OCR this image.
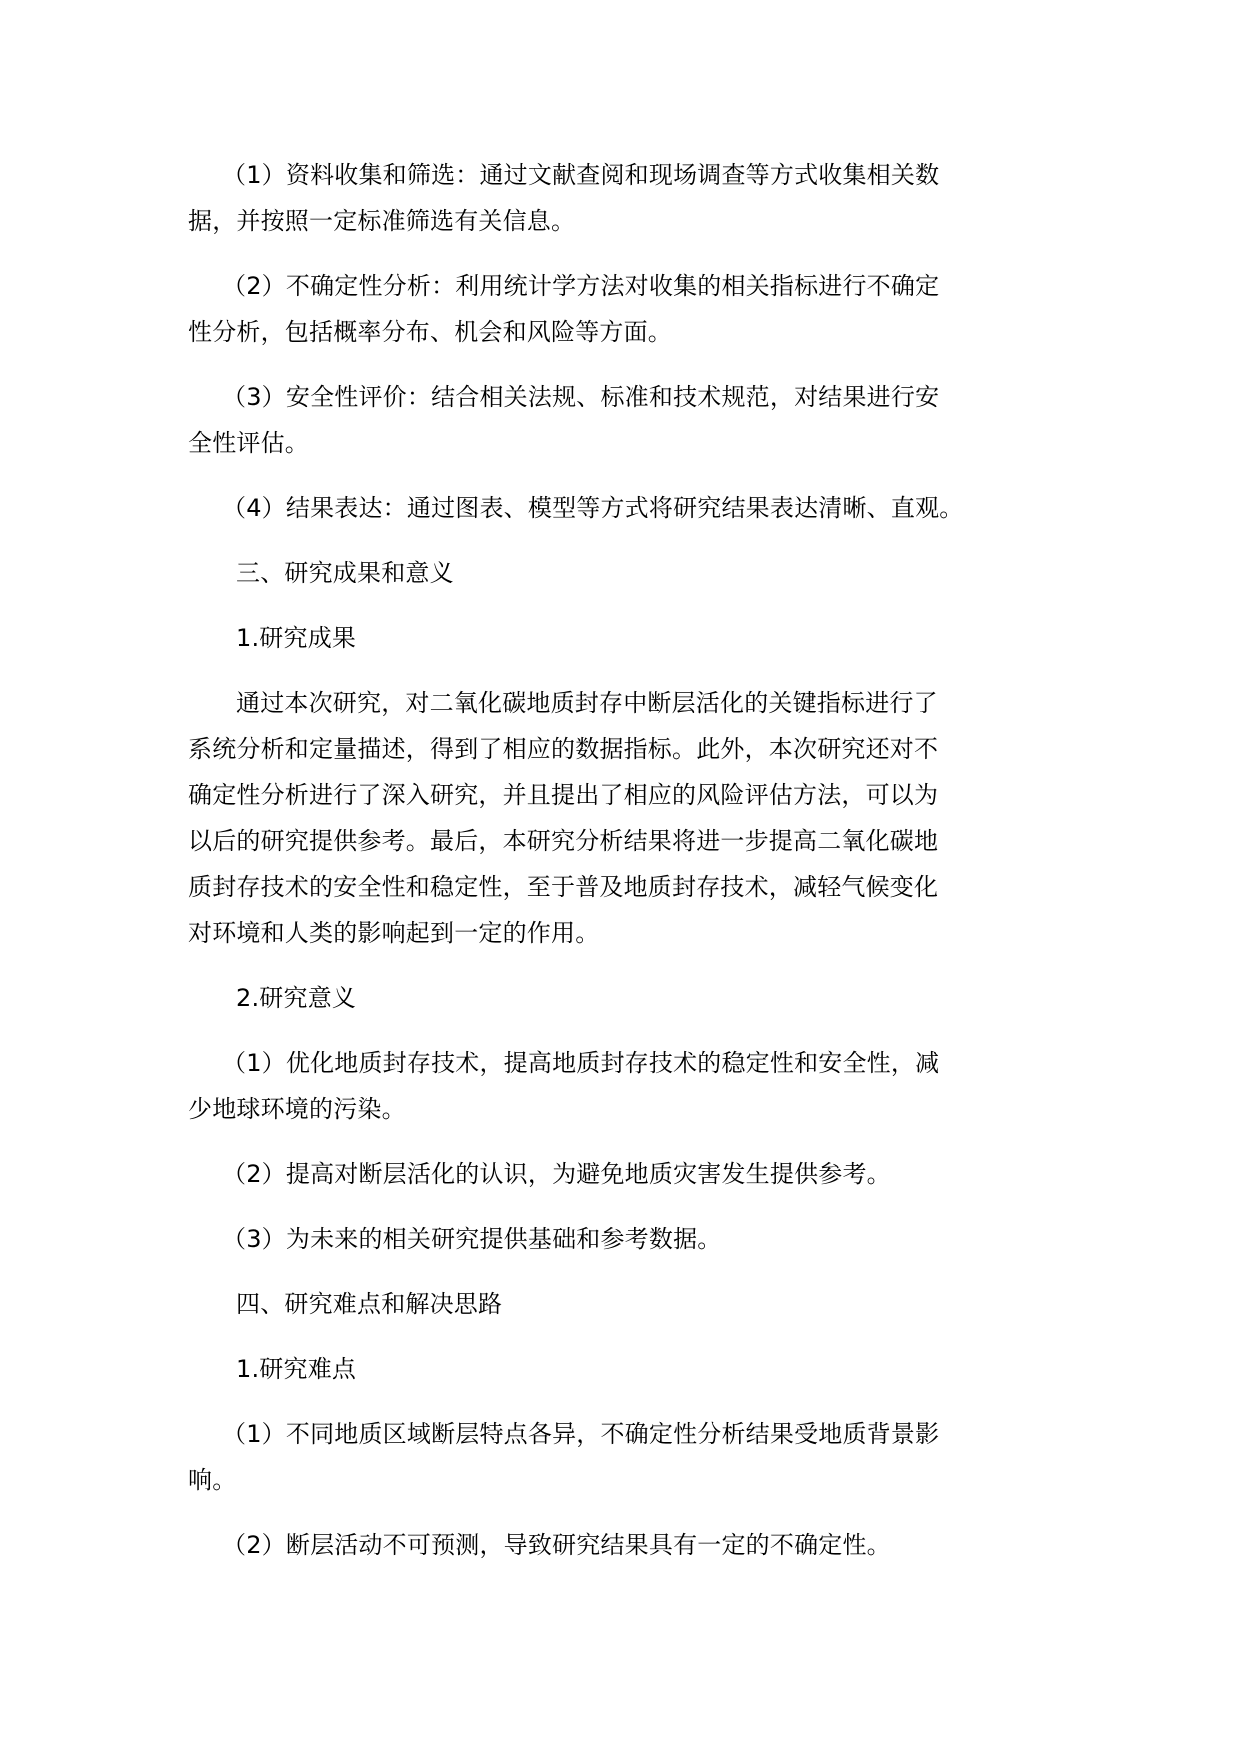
（1）资料收集和筛选：通过文献查阅和现场调查等方式收集相关数
据，并按照一定标准筛选有关信息。

（2）不确定性分析：利用统计学方法对收集的相关指标进行不确定
性分析，包括概率分布、机会和风险等方面。

（3）安全性评价：结合相关法规、标准和技术规范，对结果进行安
全性评估。

（4）结果表达：通过图表、模型等方式将研究结果表达清晰、直观。

三、研究成果和意义

1.研究成果

通过本次研究，对二氧化碳地质封存中断层活化的关键指标进行了
系统分析和定量描述，得到了相应的数据指标。此外，本次研究还对不
确定性分析进行了深入研究，并且提出了相应的风险评估方法，可以为
以后的研究提供参考。最后，本研究分析结果将进一步提高二氧化碳地
质封存技术的安全性和稳定性，至于普及地质封存技术，减轻气候变化
对环境和人类的影响起到一定的作用。

2.研究意义

（1）优化地质封存技术，提高地质封存技术的稳定性和安全性，减
少地球环境的污染。

（2）提高对断层活化的认识，为避免地质灾害发生提供参考。

（3）为未来的相关研究提供基础和参考数据。

四、研究难点和解决思路

1.研究难点

（1）不同地质区域断层特点各异，不确定性分析结果受地质背景影
响。

（2）断层活动不可预测，导致研究结果具有一定的不确定性。
